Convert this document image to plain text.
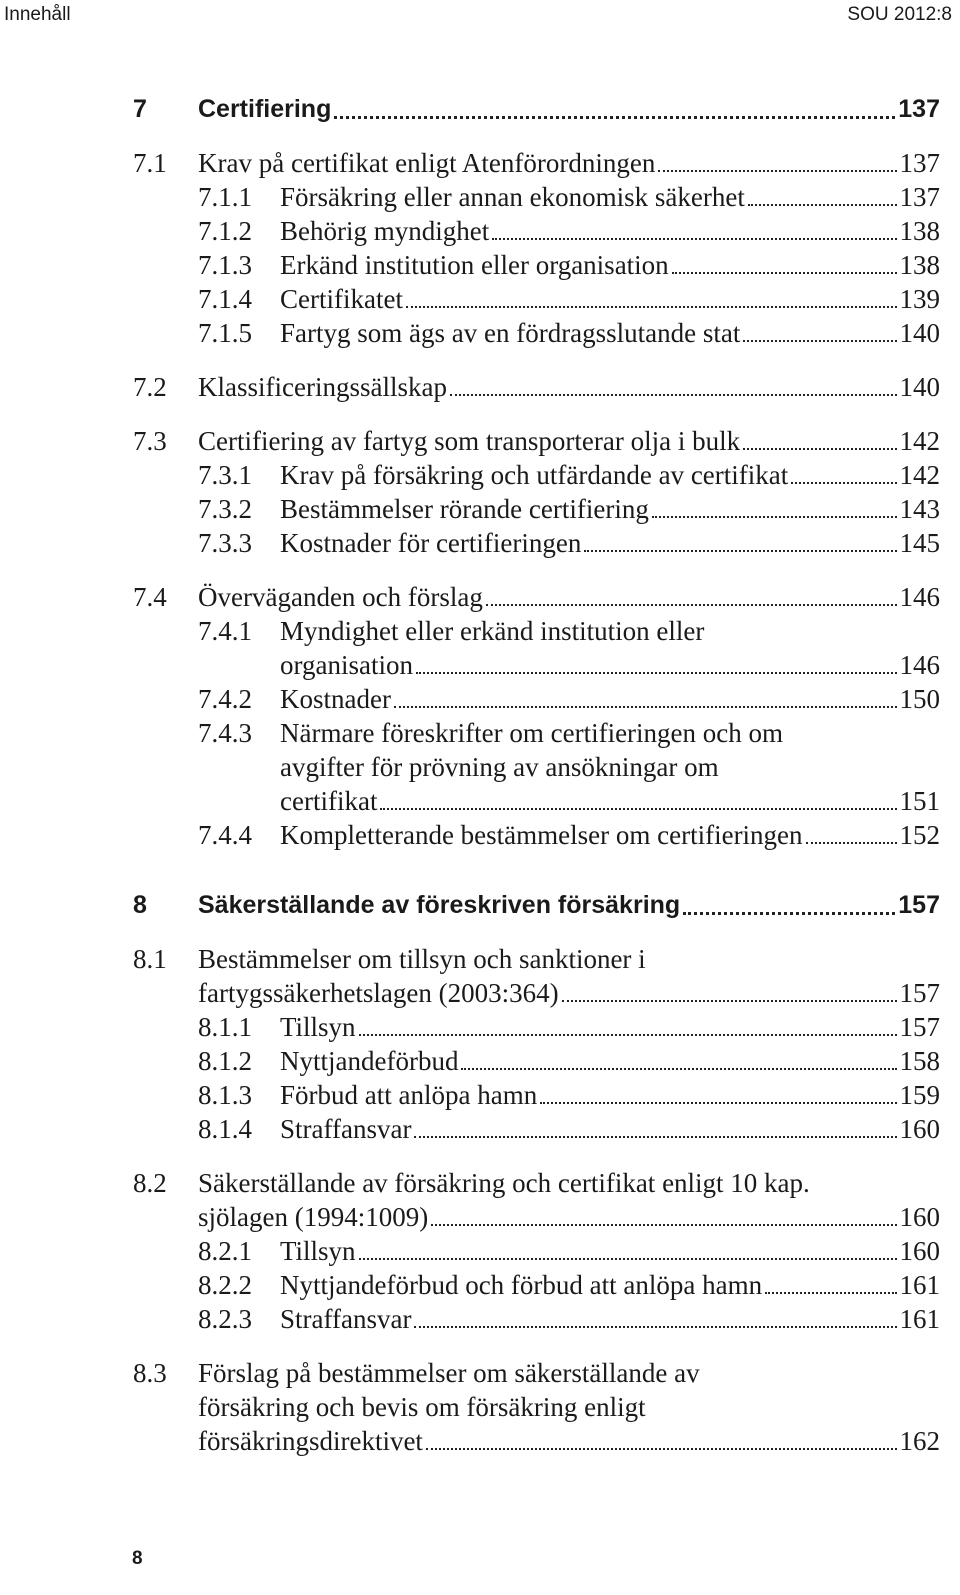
Innehåll	SOU 2012:8
7 Certifiering	137
7.1 Krav på certifikat enligt Atenförordningen	137
7.1.1 Försäkring eller annan ekonomisk säkerhet	137
7.1.2 Behörig myndighet	138
7.1.3 Erkänd institution eller organisation	138
7.1.4 Certifikatet	139
7.1.5 Fartyg som ägs av en fördragsslutande stat	140
7.2 Klassificeringssällskap	140
7.3 Certifiering av fartyg som transporterar olja i bulk	142
7.3.1 Krav på försäkring och utfärdande av certifikat	142
7.3.2 Bestämmelser rörande certifiering	143
7.3.3 Kostnader för certifieringen	145
7.4 Överväganden och förslag	146
7.4.1 Myndighet eller erkänd institution eller
organisation	146
7.4.2 Kostnader	150
7.4.3 Närmare föreskrifter om certifieringen och om
avgifter för prövning av ansökningar om
certifikat	151
7.4.4 Kompletterande bestämmelser om certifieringen	152
8 Säkerställande av föreskriven försäkring	157
8.1 Bestämmelser om tillsyn och sanktioner i
fartygssäkerhetslagen (2003:364)	157
8.1.1 Tillsyn	157
8.1.2 Nyttjandeförbud	158
8.1.3 Förbud att anlöpa hamn	159
8.1.4 Straffansvar	160
8.2 Säkerställande av försäkring och certifikat enligt 10 kap.
sjölagen (1994:1009)	160
8.2.1 Tillsyn	160
8.2.2 Nyttjandeförbud och förbud att anlöpa hamn	161
8.2.3 Straffansvar	161
8.3 Förslag på bestämmelser om säkerställande av
försäkring och bevis om försäkring enligt
försäkringsdirektivet	162
8
